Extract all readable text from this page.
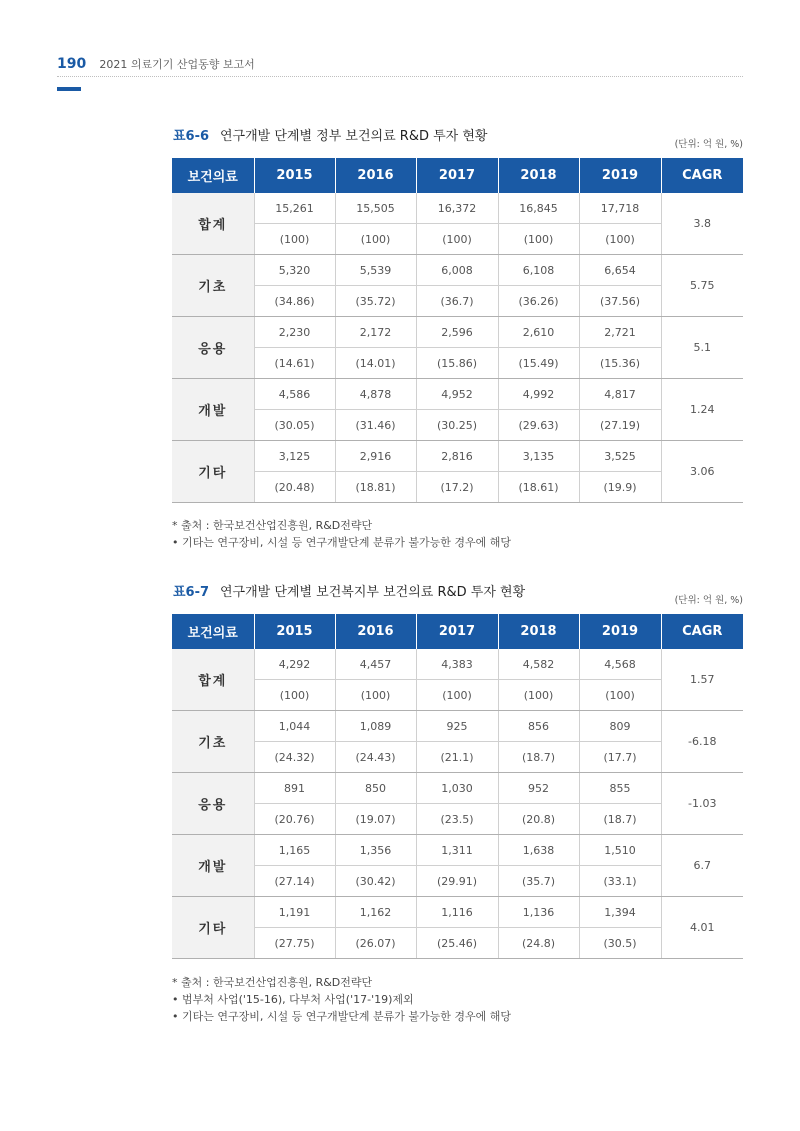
190 2021 의료기기 산업동향 보고서
표6-6 연구개발 단계별 정부 보건의료 R&D 투자 현황
(단위: 억 원, %)
보건의료	2015	2016	2017	2018	2019	CAGR
합계	15,261	15,505	16,372	16,845	17,718	3.8
	(100)	(100)	(100)	(100)	(100)	
기초	5,320	5,539	6,008	6,108	6,654	5.75
	(34.86)	(35.72)	(36.7)	(36.26)	(37.56)	
응용	2,230	2,172	2,596	2,610	2,721	5.1
	(14.61)	(14.01)	(15.86)	(15.49)	(15.36)	
개발	4,586	4,878	4,952	4,992	4,817	1.24
	(30.05)	(31.46)	(30.25)	(29.63)	(27.19)	
기타	3,125	2,916	2,816	3,135	3,525	3.06
	(20.48)	(18.81)	(17.2)	(18.61)	(19.9)	
* 출처 : 한국보건산업진흥원, R&D전략단
• 기타는 연구장비, 시설 등 연구개발단계 분류가 불가능한 경우에 해당
표6-7 연구개발 단계별 보건복지부 보건의료 R&D 투자 현황
(단위: 억 원, %)
보건의료	2015	2016	2017	2018	2019	CAGR
합계	4,292	4,457	4,383	4,582	4,568	1.57
	(100)	(100)	(100)	(100)	(100)	
기초	1,044	1,089	925	856	809	-6.18
	(24.32)	(24.43)	(21.1)	(18.7)	(17.7)	
응용	891	850	1,030	952	855	-1.03
	(20.76)	(19.07)	(23.5)	(20.8)	(18.7)	
개발	1,165	1,356	1,311	1,638	1,510	6.7
	(27.14)	(30.42)	(29.91)	(35.7)	(33.1)	
기타	1,191	1,162	1,116	1,136	1,394	4.01
	(27.75)	(26.07)	(25.46)	(24.8)	(30.5)	
* 출처 : 한국보건산업진흥원, R&D전략단
• 범부처 사업('15-16), 다부처 사업('17-'19)제외
• 기타는 연구장비, 시설 등 연구개발단계 분류가 불가능한 경우에 해당
